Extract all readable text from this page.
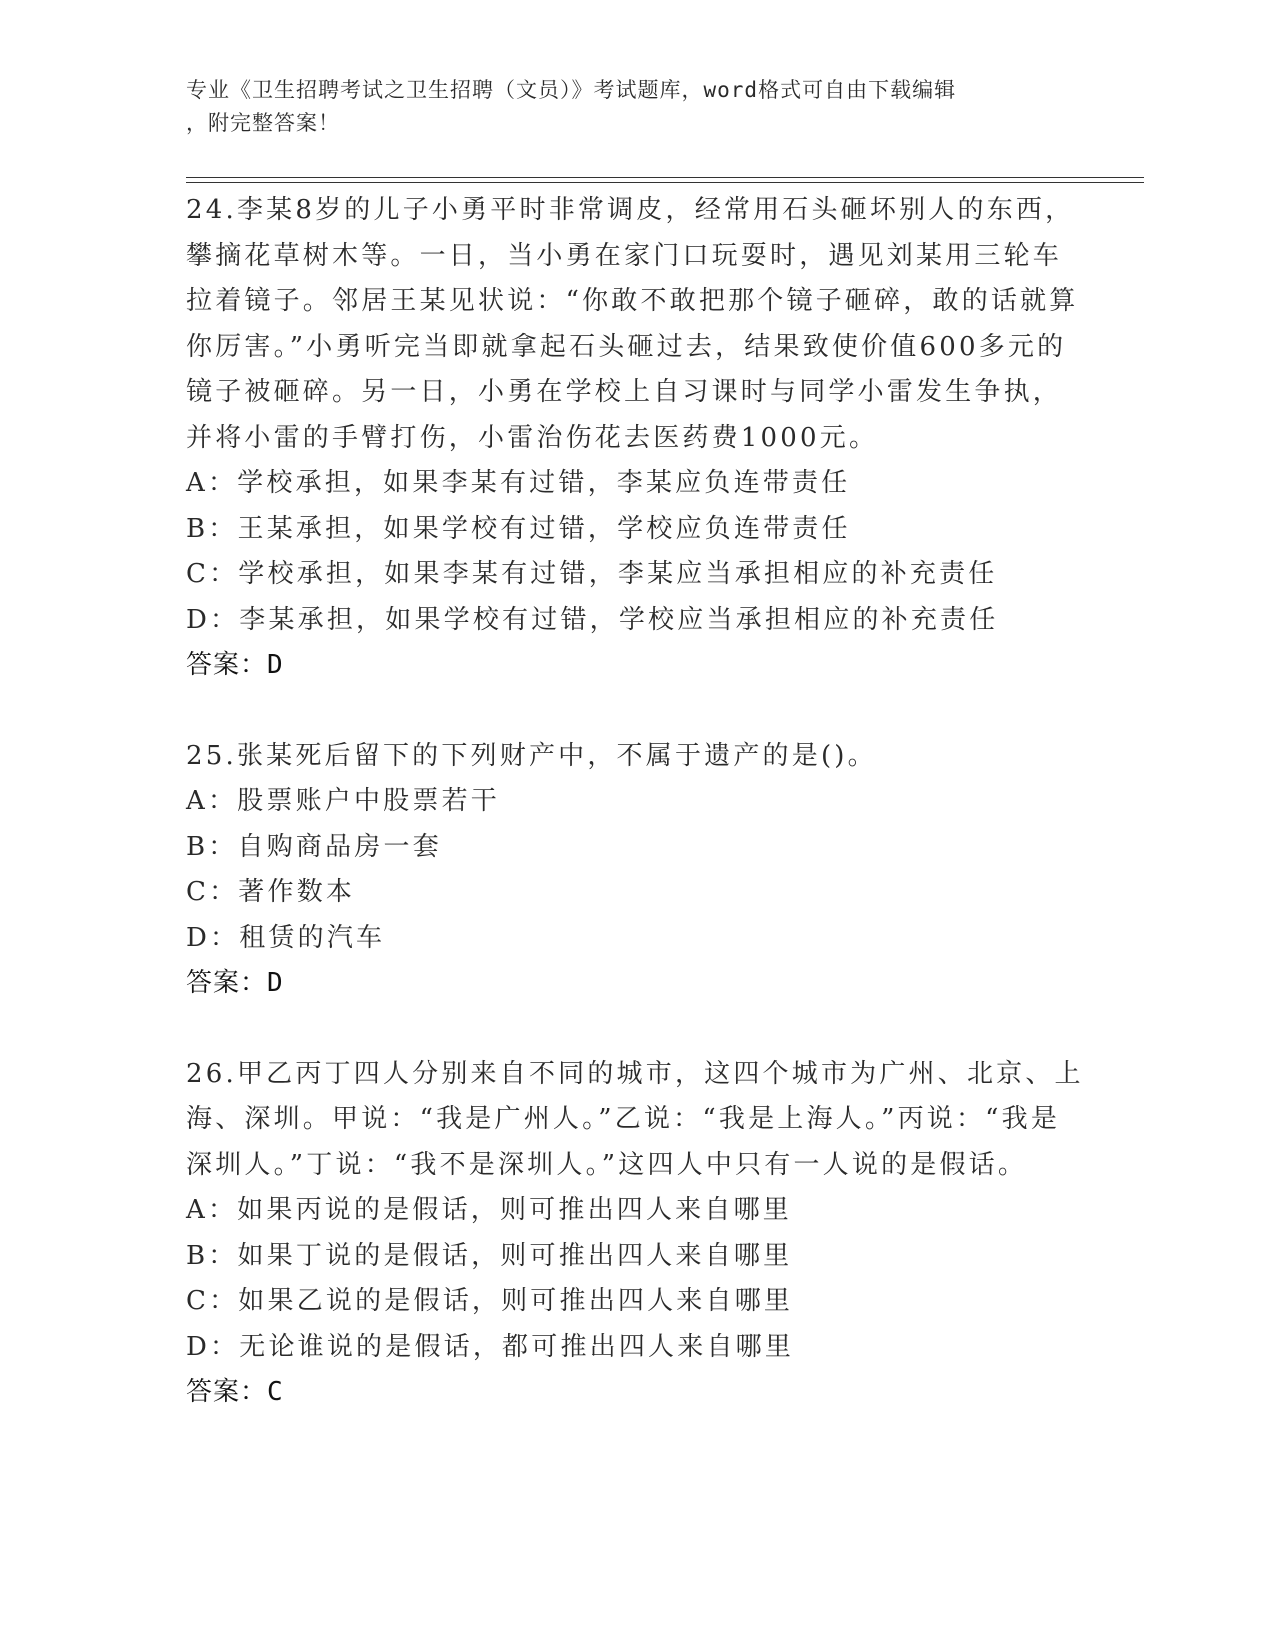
专业《卫生招聘考试之卫生招聘（文员）》考试题库，word格式可自由下载编辑
，附完整答案！
24.李某8岁的儿子小勇平时非常调皮，经常用石头砸坏别人的东西，攀摘花草树木等。一日，当小勇在家门口玩耍时，遇见刘某用三轮车拉着镜子。邻居王某见状说：“你敢不敢把那个镜子砸碎，敢的话就算你厉害。”小勇听完当即就拿起石头砸过去，结果致使价值600多元的镜子被砸碎。另一日，小勇在学校上自习课时与同学小雷发生争执，并将小雷的手臂打伤，小雷治伤花去医药费1000元。
A：学校承担，如果李某有过错，李某应负连带责任
B：王某承担，如果学校有过错，学校应负连带责任
C：学校承担，如果李某有过错，李某应当承担相应的补充责任
D：李某承担，如果学校有过错，学校应当承担相应的补充责任
答案：D
25.张某死后留下的下列财产中，不属于遗产的是()。
A：股票账户中股票若干
B：自购商品房一套
C：著作数本
D：租赁的汽车
答案：D
26.甲乙丙丁四人分别来自不同的城市，这四个城市为广州、北京、上海、深圳。甲说：“我是广州人。”乙说：“我是上海人。”丙说：“我是深圳人。”丁说：“我不是深圳人。”这四人中只有一人说的是假话。
A：如果丙说的是假话，则可推出四人来自哪里
B：如果丁说的是假话，则可推出四人来自哪里
C：如果乙说的是假话，则可推出四人来自哪里
D：无论谁说的是假话，都可推出四人来自哪里
答案：C
